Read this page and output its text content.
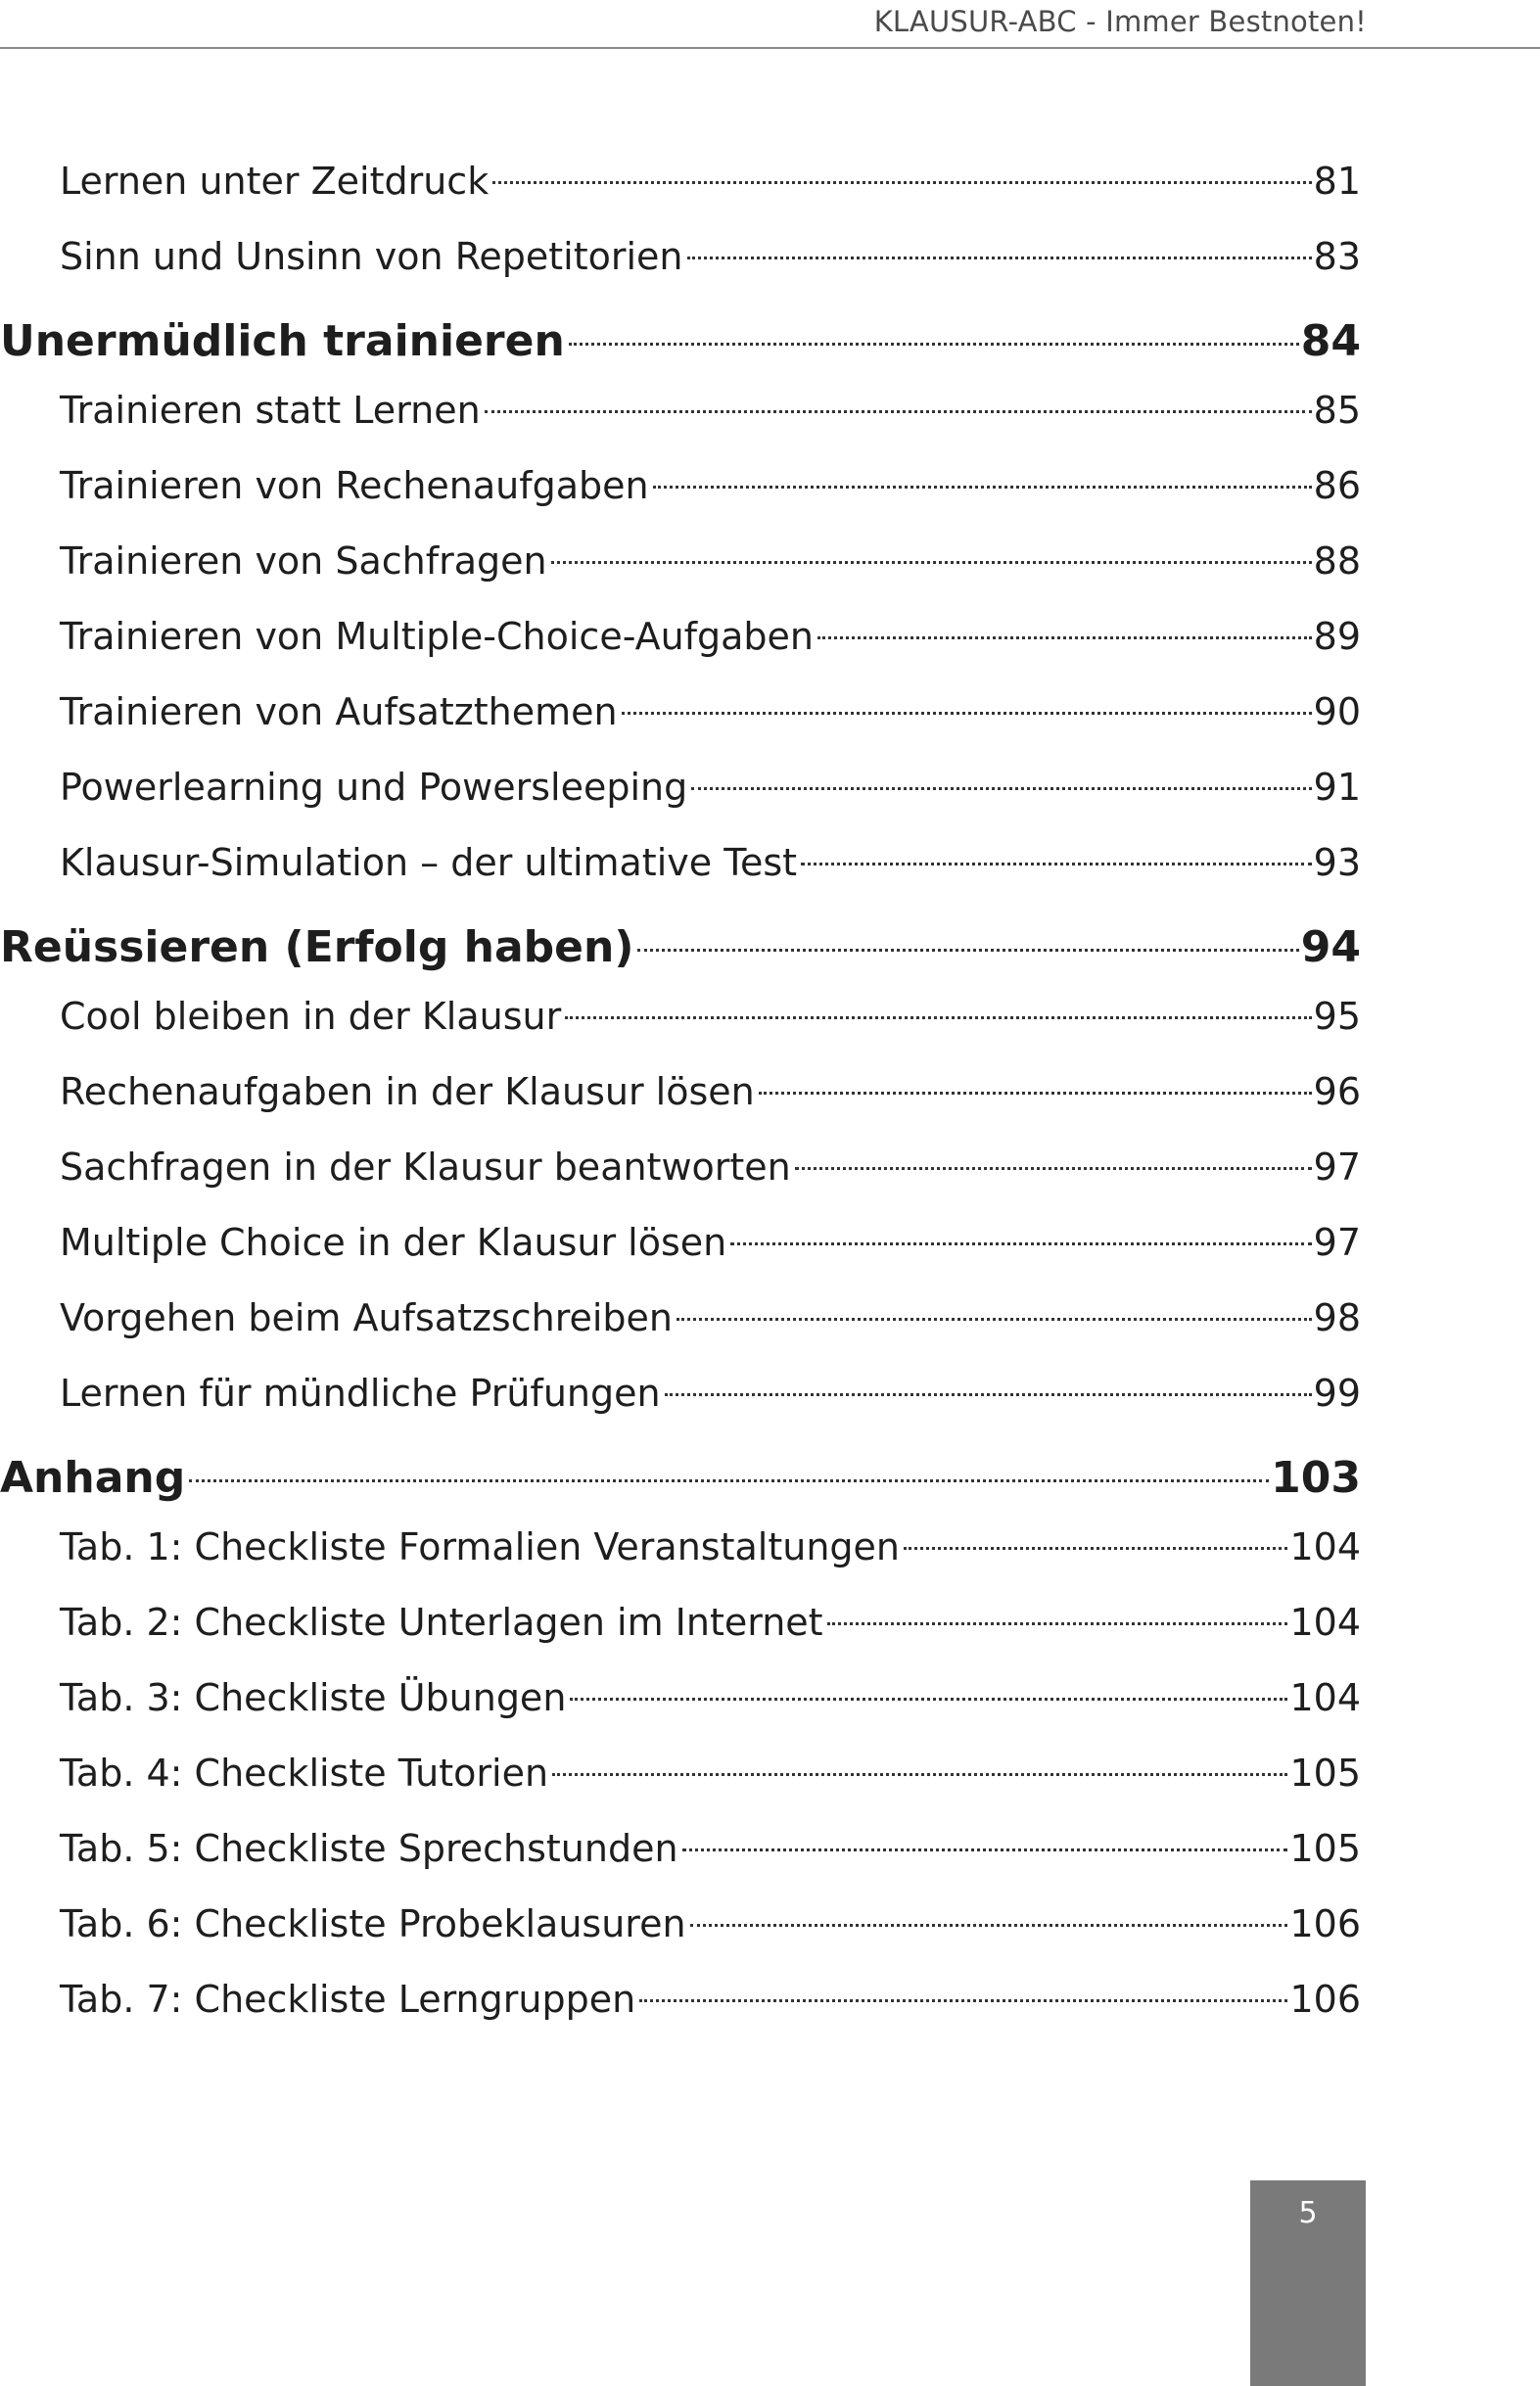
KLAUSUR-ABC - Immer Bestnoten!
Lernen unter Zeitdruck	81
Sinn und Unsinn von Repetitorien	83
Unermüdlich trainieren	84
Trainieren statt Lernen	85
Trainieren von Rechenaufgaben	86
Trainieren von Sachfragen	88
Trainieren von Multiple-Choice-Aufgaben	89
Trainieren von Aufsatzthemen	90
Powerlearning und Powersleeping	91
Klausur-Simulation – der ultimative Test	93
Reüssieren (Erfolg haben)	94
Cool bleiben in der Klausur	95
Rechenaufgaben in der Klausur lösen	96
Sachfragen in der Klausur beantworten	97
Multiple Choice in der Klausur lösen	97
Vorgehen beim Aufsatzschreiben	98
Lernen für mündliche Prüfungen	99
Anhang	103
Tab. 1: Checkliste Formalien Veranstaltungen	104
Tab. 2: Checkliste Unterlagen im Internet	104
Tab. 3: Checkliste Übungen	104
Tab. 4: Checkliste Tutorien	105
Tab. 5: Checkliste Sprechstunden	105
Tab. 6: Checkliste Probeklausuren	106
Tab. 7: Checkliste Lerngruppen	106
5
